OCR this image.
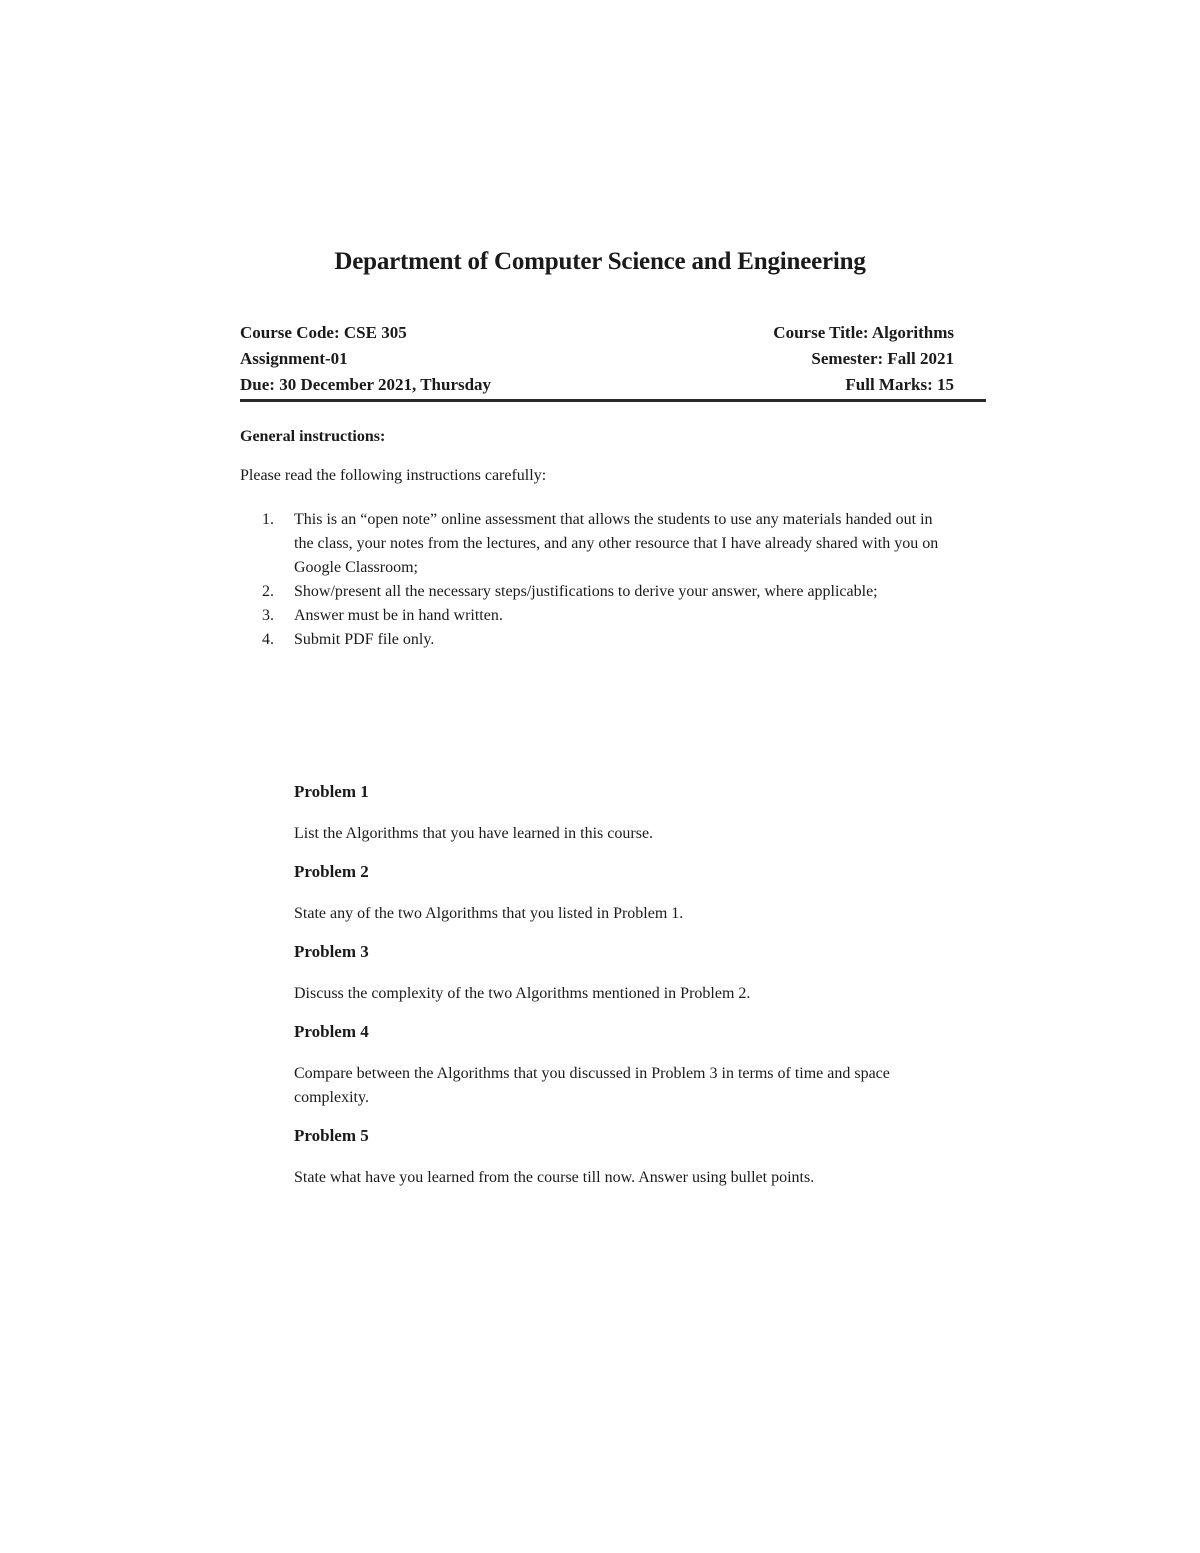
Department of Computer Science and Engineering
Course Code: CSE 305	Course Title: Algorithms
Assignment-01	Semester: Fall 2021
Due: 30 December 2021, Thursday	Full Marks: 15
General instructions:
Please read the following instructions carefully:
1.	This is an “open note” online assessment that allows the students to use any materials handed out in the class, your notes from the lectures, and any other resource that I have already shared with you on Google Classroom;
2.	Show/present all the necessary steps/justifications to derive your answer, where applicable;
3.	Answer must be in hand written.
4.	Submit PDF file only.
Problem 1
List the Algorithms that you have learned in this course.
Problem 2
State any of the two Algorithms that you listed in Problem 1.
Problem 3
Discuss the complexity of the two Algorithms mentioned in Problem 2.
Problem 4
Compare between the Algorithms that you discussed in Problem 3 in terms of time and space complexity.
Problem 5
State what have you learned from the course till now. Answer using bullet points.
